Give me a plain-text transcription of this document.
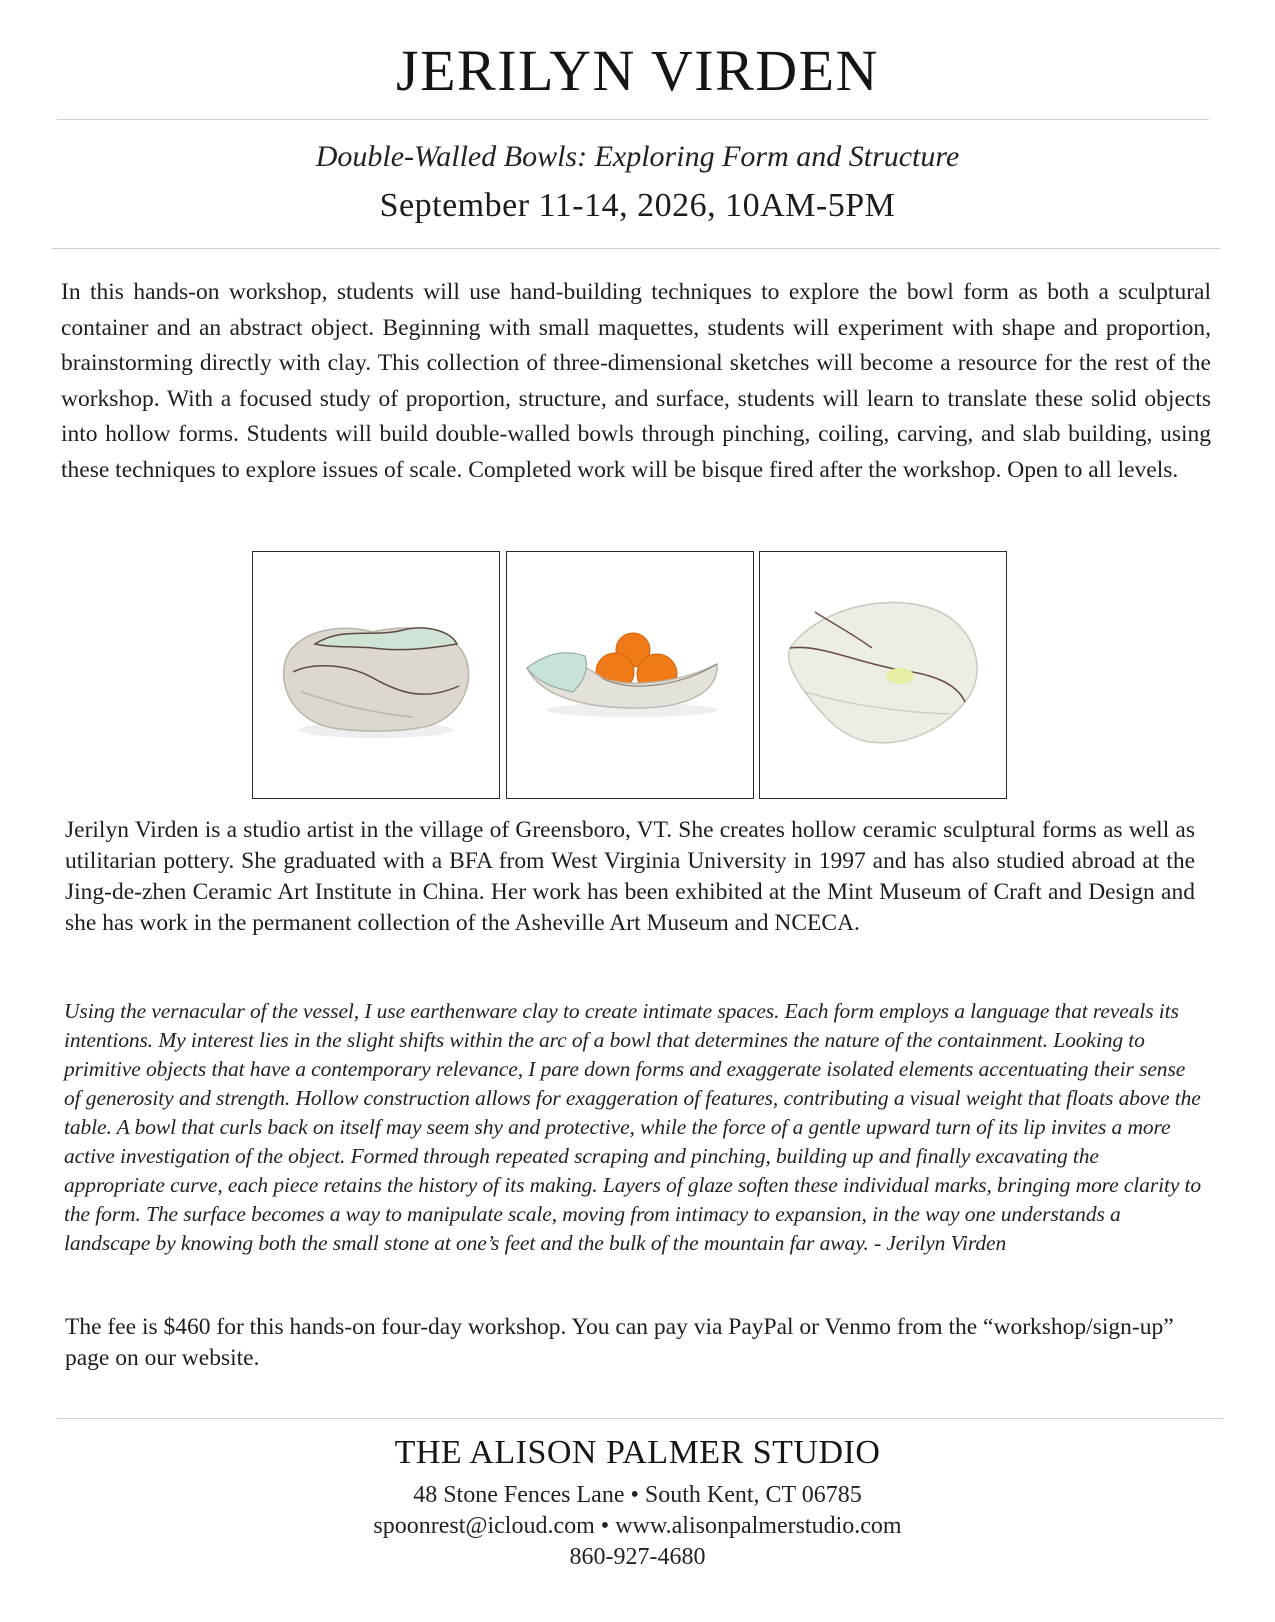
JERILYN VIRDEN
Double-Walled Bowls: Exploring Form and Structure
September 11-14, 2026, 10AM-5PM
In this hands-on workshop, students will use hand-building techniques to explore the bowl form as both a sculptural container and an abstract object. Beginning with small maquettes, students will experiment with shape and proportion, brainstorming directly with clay. This collection of three-dimensional sketches will become a resource for the rest of the workshop. With a focused study of proportion, structure, and surface, students will learn to translate these solid objects into hollow forms. Students will build double-walled bowls through pinching, coiling, carving, and slab building, using these techniques to explore issues of scale. Completed work will be bisque fired after the workshop. Open to all levels.
Jerilyn Virden is a studio artist in the village of Greensboro, VT. She creates hollow ceramic sculptural forms as well as utilitarian pottery. She graduated with a BFA from West Virginia University in 1997 and has also studied abroad at the Jing-de-zhen Ceramic Art Institute in China. Her work has been exhibited at the Mint Museum of Craft and Design and she has work in the permanent collection of the Asheville Art Museum and NCECA.
Using the vernacular of the vessel, I use earthenware clay to create intimate spaces. Each form employs a language that reveals its intentions. My interest lies in the slight shifts within the arc of a bowl that determines the nature of the containment. Looking to primitive objects that have a contemporary relevance, I pare down forms and exaggerate isolated elements accentuating their sense of generosity and strength. Hollow construction allows for exaggeration of features, contributing a visual weight that floats above the table. A bowl that curls back on itself may seem shy and protective, while the force of a gentle upward turn of its lip invites a more active investigation of the object. Formed through repeated scraping and pinching, building up and finally excavating the appropriate curve, each piece retains the history of its making. Layers of glaze soften these individual marks, bringing more clarity to the form. The surface becomes a way to manipulate scale, moving from intimacy to expansion, in the way one understands a landscape by knowing both the small stone at one’s feet and the bulk of the mountain far away. - Jerilyn Virden
The fee is $460 for this hands-on four-day workshop. You can pay via PayPal or Venmo from the “workshop/sign-up” page on our website.
THE ALISON PALMER STUDIO
48 Stone Fences Lane • South Kent, CT 06785
spoonrest@icloud.com • www.alisonpalmerstudio.com
860-927-4680
